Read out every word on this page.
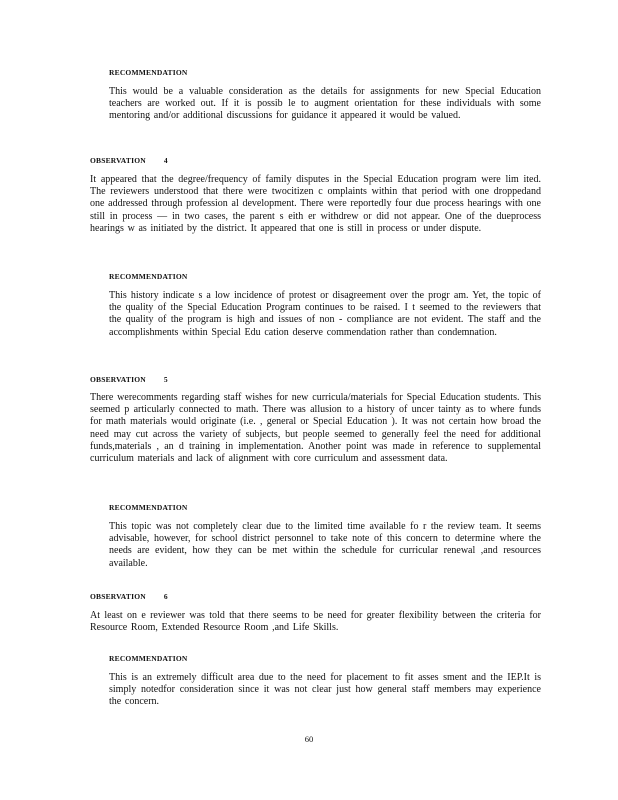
RECOMMENDATION
This would be a valuable consideration as the details for assignments for new Special Education teachers are worked out. If it is possib le to augment orientation for these individuals with some mentoring and/or additional discussions for guidance it appeared it would be valued.
OBSERVATION 4
It appeared that the degree/frequency of family disputes in the Special Education program were lim ited. The reviewers understood that there were twocitizen c omplaints within that period with one droppedand one addressed through profession al development. There were reportedly four due process hearings with one still in process — in two cases, the parent s eith er withdrew or did not appear. One of the dueprocess hearings w as initiated by the district. It appeared that one is still in process or under dispute.
RECOMMENDATION
This history indicate s a low incidence of protest or disagreement over the progr am. Yet, the topic of the quality of the Special Education Program continues to be raised. I t seemed to the reviewers that the quality of the program is high and issues of non - compliance are not evident. The staff and the accomplishments within Special Edu cation deserve commendation rather than condemnation.
OBSERVATION 5
There werecomments regarding staff wishes for new curricula/materials for Special Education students. This seemed p articularly connected to math. There was allusion to a history of uncer tainty as to where funds for math materials would originate (i.e. , general or Special Education ). It was not certain how broad the need may cut across the variety of subjects, but people seemed to generally feel the need for additional funds,materials , an d training in implementation. Another point was made in reference to supplemental curriculum materials and lack of alignment with core curriculum and assessment data.
RECOMMENDATION
This topic was not completely clear due to the limited time available fo r the review team. It seems advisable, however, for school district personnel to take note of this concern to determine where the needs are evident, how they can be met within the schedule for curricular renewal ,and resources available.
OBSERVATION 6
At least on e reviewer was told that there seems to be need for greater flexibility between the criteria for Resource Room, Extended Resource Room ,and Life Skills.
RECOMMENDATION
This is an extremely difficult area due to the need for placement to fit asses sment and the IEP.It is simply notedfor consideration since it was not clear just how general staff members may experience the concern.
60
